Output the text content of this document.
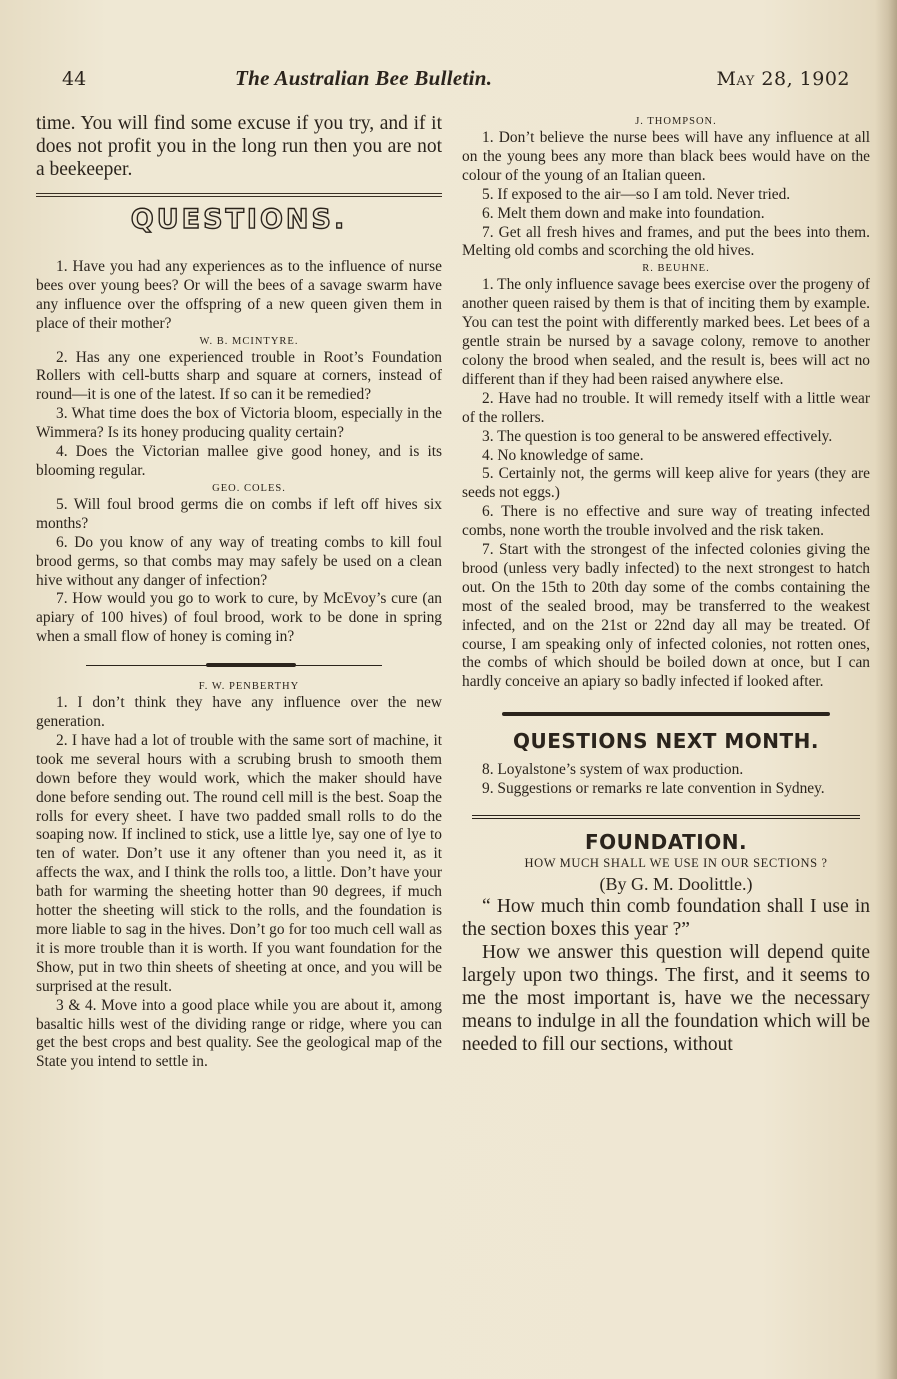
44	The Australian Bee Bulletin.	May 28, 1902

time. You will find some excuse if you try, and if it does not profit you in the long run then you are not a beekeeper.

QUESTIONS.

1. Have you had any experiences as to the influence of nurse bees over young bees? Or will the bees of a savage swarm have any influence over the offspring of a new queen given them in place of their mother?

W. B. MCINTYRE.

2. Has any one experienced trouble in Root’s Foundation Rollers with cell-butts sharp and square at corners, instead of round—it is one of the latest. If so can it be remedied?

3. What time does the box of Victoria bloom, especially in the Wimmera? Is its honey producing quality certain?

4. Does the Victorian mallee give good honey, and is its blooming regular.

GEO. COLES.

5. Will foul brood germs die on combs if left off hives six months?

6. Do you know of any way of treating combs to kill foul brood germs, so that combs may may safely be used on a clean hive without any danger of infection?

7. How would you go to work to cure, by McEvoy’s cure (an apiary of 100 hives) of foul brood, work to be done in spring when a small flow of honey is coming in?

F. W. PENBERTHY

1. I don’t think they have any influence over the new generation.

2. I have had a lot of trouble with the same sort of machine, it took me several hours with a scrubing brush to smooth them down before they would work, which the maker should have done before sending out. The round cell mill is the best. Soap the rolls for every sheet. I have two padded small rolls to do the soaping now. If inclined to stick, use a little lye, say one of lye to ten of water. Don’t use it any oftener than you need it, as it affects the wax, and I think the rolls too, a little. Don’t have your bath for warming the sheeting hotter than 90 degrees, if much hotter the sheeting will stick to the rolls, and the foundation is more liable to sag in the hives. Don’t go for too much cell wall as it is more trouble than it is worth. If you want foundation for the Show, put in two thin sheets of sheeting at once, and you will be surprised at the result.

3 & 4. Move into a good place while you are about it, among basaltic hills west of the dividing range or ridge, where you can get the best crops and best quality. See the geological map of the State you intend to settle in.

J. THOMPSON.

1. Don’t believe the nurse bees will have any influence at all on the young bees any more than black bees would have on the colour of the young of an Italian queen.

5. If exposed to the air—so I am told. Never tried.

6. Melt them down and make into foundation.

7. Get all fresh hives and frames, and put the bees into them. Melting old combs and scorching the old hives.

R. BEUHNE.

1. The only influence savage bees exercise over the progeny of another queen raised by them is that of inciting them by example. You can test the point with differently marked bees. Let bees of a gentle strain be nursed by a savage colony, remove to another colony the brood when sealed, and the result is, bees will act no different than if they had been raised anywhere else.

2. Have had no trouble. It will remedy itself with a little wear of the rollers.

3. The question is too general to be answered effectively.

4. No knowledge of same.

5. Certainly not, the germs will keep alive for years (they are seeds not eggs.)

6. There is no effective and sure way of treating infected combs, none worth the trouble involved and the risk taken.

7. Start with the strongest of the infected colonies giving the brood (unless very badly infected) to the next strongest to hatch out. On the 15th to 20th day some of the combs containing the most of the sealed brood, may be transferred to the weakest infected, and on the 21st or 22nd day all may be treated. Of course, I am speaking only of infected colonies, not rotten ones, the combs of which should be boiled down at once, but I can hardly conceive an apiary so badly infected if looked after.

QUESTIONS NEXT MONTH.

8. Loyalstone’s system of wax production.

9. Suggestions or remarks re late convention in Sydney.

FOUNDATION.

HOW MUCH SHALL WE USE IN OUR SECTIONS ?

(By G. M. Doolittle.)

“ How much thin comb foundation shall I use in the section boxes this year ?”

How we answer this question will depend quite largely upon two things. The first, and it seems to me the most important is, have we the necessary means to indulge in all the foundation which will be needed to fill our sections, without
